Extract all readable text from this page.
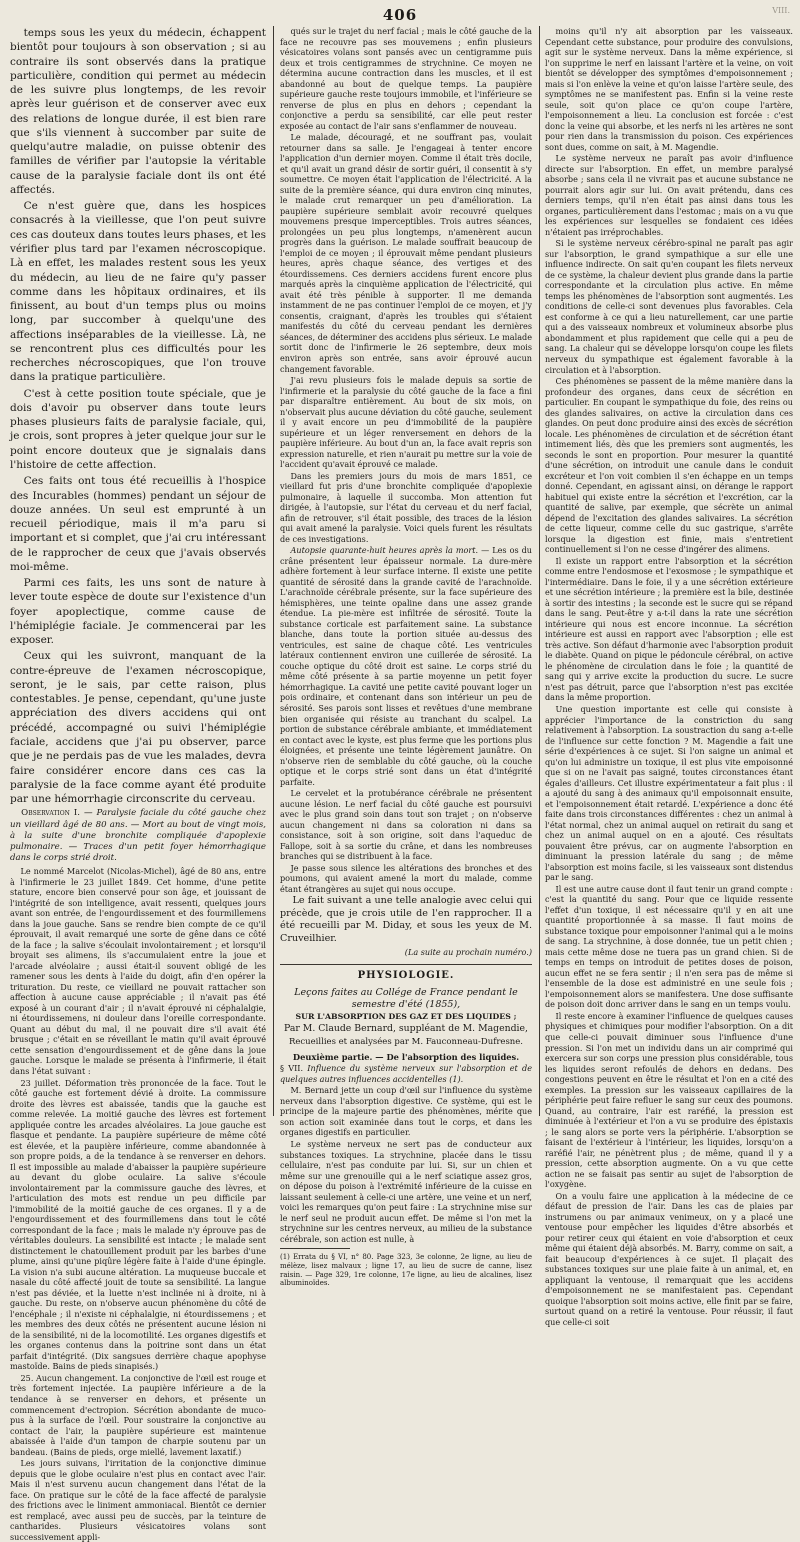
406	VIII.

temps sous les yeux du médecin, échappent bientôt pour toujours à son observation ; si au contraire ils sont observés dans la pratique particulière, condition qui permet au médecin de les suivre plus longtemps, de les revoir après leur guérison et de conserver avec eux des relations de longue durée, il est bien rare que s'ils viennent à succomber par suite de quelqu'autre maladie, on puisse obtenir des familles de vérifier par l'autopsie la véritable cause de la paralysie faciale dont ils ont été affectés.

Ce n'est guère que, dans les hospices consacrés à la vieillesse, que l'on peut suivre ces cas douteux dans toutes leurs phases, et les vérifier plus tard par l'examen nécroscopique. Là en effet, les malades restent sous les yeux du médecin, au lieu de ne faire qu'y passer comme dans les hôpitaux ordinaires, et ils finissent, au bout d'un temps plus ou moins long, par succomber à quelqu'une des affections inséparables de la vieillesse. Là, ne se rencontrent plus ces difficultés pour les recherches nécroscopiques, que l'on trouve dans la pratique particulière.

C'est à cette position toute spéciale, que je dois d'avoir pu observer dans toute leurs phases plusieurs faits de paralysie faciale, qui, je crois, sont propres à jeter quelque jour sur le point encore douteux que je signalais dans l'histoire de cette affection.

Ces faits ont tous été recueillis à l'hospice des Incurables (hommes) pendant un séjour de douze années. Un seul est emprunté à un recueil périodique, mais il m'a paru si important et si complet, que j'ai cru intéressant de le rapprocher de ceux que j'avais observés moi-même.

Parmi ces faits, les uns sont de nature à lever toute espèce de doute sur l'existence d'un foyer apoplectique, comme cause de l'hémiplégie faciale. Je commencerai par les exposer.

Ceux qui les suivront, manquant de la contre-épreuve de l'examen nécroscopique, seront, je le sais, par cette raison, plus contestables. Je pense, cependant, qu'une juste appréciation des divers accidens qui ont précédé, accompagné ou suivi l'hémiplégie faciale, accidens que j'ai pu observer, parce que je ne perdais pas de vue les malades, devra faire considérer encore dans ces cas la paralysie de la face comme ayant été produite par une hémorrhagie circonscrite du cerveau.

Observation I. — Paralysie faciale du côté gauche chez un vieillard âgé de 80 ans. — Mort au bout de vingt mois, à la suite d'une bronchite compliquée d'apoplexie pulmonaire. — Traces d'un petit foyer hémorrhagique dans le corps strié droit.

Le nommé Marcelot (Nicolas-Michel), âgé de 80 ans, entre à l'infirmerie le 23 juillet 1849. Cet homme, d'une petite stature, encore bien conservé pour son âge, et jouissant de l'intégrité de son intelligence, avait ressenti, quelques jours avant son entrée, de l'engourdissement et des fourmillemens dans la joue gauche. Sans se rendre bien compte de ce qu'il éprouvait, il avait remarqué une sorte de gêne dans ce côté de la face ; la salive s'écoulait involontairement ; et lorsqu'il broyait ses alimens, ils s'accumulaient entre la joue et l'arcade alvéolaire ; aussi était-il souvent obligé de les ramener sous les dents à l'aide du doigt, afin d'en opérer la trituration. Du reste, ce vieillard ne pouvait rattacher son affection à aucune cause appréciable ; il n'avait pas été exposé à un courant d'air ; il n'avait éprouvé ni céphalalgie, ni étourdissemens, ni douleur dans l'oreille correspondante. Quant au début du mal, il ne pouvait dire s'il avait été brusque ; c'était en se réveillant le matin qu'il avait éprouvé cette sensation d'engourdissement et de gêne dans la joue gauche. Lorsque le malade se présenta à l'infirmerie, il était dans l'état suivant :

23 juillet. Déformation très prononcée de la face. Tout le côté gauche est fortement dévié à droite. La commissure droite des lèvres est abaissée, tandis que la gauche est comme relevée. La moitié gauche des lèvres est fortement appliquée contre les arcades alvéolaires. La joue gauche est flasque et pendante. La paupière supérieure de même côté est élevée, et la paupière inférieure, comme abandonnée à son propre poids, a de la tendance à se renverser en dehors. Il est impossible au malade d'abaisser la paupière supérieure au devant du globe oculaire. La salive s'écoule involontairement par la commissure gauche des lèvres, et l'articulation des mots est rendue un peu difficile par l'immobilité de la moitié gauche de ces organes. Il y a de l'engourdissement et des fourmillemens dans tout le côté correspondant de la face ; mais le malade n'y éprouve pas de véritables douleurs. La sensibilité est intacte ; le malade sent distinctement le chatouillement produit par les barbes d'une plume, ainsi qu'une piqûre légère faite à l'aide d'une épingle. La vision n'a subi aucune altération. La muqueuse buccale et nasale du côté affecté jouit de toute sa sensibilité. La langue n'est pas déviée, et la luette n'est inclinée ni à droite, ni à gauche. Du reste, on n'observe aucun phénomène du côté de l'encéphale ; il n'existe ni céphalalgie, ni étourdissemens ; et les membres des deux côtés ne présentent aucune lésion ni de la sensibilité, ni de la locomotilité. Les organes digestifs et les organes contenus dans la poitrine sont dans un état parfait d'intégrité. (Dix sangsues derrière chaque apophyse mastoïde. Bains de pieds sinapisés.)

25. Aucun changement. La conjonctive de l'œil est rouge et très fortement injectée. La paupière inférieure a de la tendance à se renverser en dehors, et présente un commencement d'ectropion. Sécrétion abondante de muco-pus à la surface de l'œil. Pour soustraire la conjonctive au contact de l'air, la paupière supérieure est maintenue abaissée à l'aide d'un tampon de charpie soutenu par un bandeau. (Bains de pieds, orge miellé, lavement laxatif.)

Les jours suivans, l'irritation de la conjonctive diminue depuis que le globe oculaire n'est plus en contact avec l'air. Mais il n'est survenu aucun changement dans l'état de la face. On pratique sur le côté de la face affecté de paralysie des frictions avec le liniment ammoniacal. Bientôt ce dernier est remplacé, avec aussi peu de succès, par la teinture de cantharides. Plusieurs vésicatoires volans sont successivement appli-

qués sur le trajet du nerf facial ; mais le côté gauche de la face ne recouvre pas ses mouvemens ; enfin plusieurs vésicatoires volans sont pansés avec un centigramme puis deux et trois centigrammes de strychnine. Ce moyen ne détermina aucune contraction dans les muscles, et il est abandonné au bout de quelque temps. La paupière supérieure gauche reste toujours immobile, et l'inférieure se renverse de plus en plus en dehors ; cependant la conjonctive a perdu sa sensibilité, car elle peut rester exposée au contact de l'air sans s'enflammer de nouveau.

Le malade, découragé, et ne souffrant pas, voulait retourner dans sa salle. Je l'engageai à tenter encore l'application d'un dernier moyen. Comme il était très docile, et qu'il avait un grand désir de sortir guéri, il consentit à s'y soumettre. Ce moyen était l'application de l'électricité. A la suite de la première séance, qui dura environ cinq minutes, le malade crut remarquer un peu d'amélioration. La paupière supérieure semblait avoir recouvré quelques mouvemens presque imperceptibles. Trois autres séances, prolongées un peu plus longtemps, n'amenèrent aucun progrès dans la guérison. Le malade souffrait beaucoup de l'emploi de ce moyen ; il éprouvait même pendant plusieurs heures, après chaque séance, des vertiges et des étourdissemens. Ces derniers accidens furent encore plus marqués après la cinquième application de l'électricité, qui avait été très pénible à supporter. Il me demanda instamment de ne pas continuer l'emploi de ce moyen, et j'y consentis, craignant, d'après les troubles qui s'étaient manifestés du côté du cerveau pendant les dernières séances, de déterminer des accidens plus sérieux. Le malade sortit donc de l'infirmerie le 26 septembre, deux mois environ après son entrée, sans avoir éprouvé aucun changement favorable.

J'ai revu plusieurs fois le malade depuis sa sortie de l'infirmerie et la paralysie du côté gauche de la face a fini par disparaître entièrement. Au bout de six mois, on n'observait plus aucune déviation du côté gauche, seulement il y avait encore un peu d'immobilité de la paupière supérieure et un léger renversement en dehors de la paupière inférieure. Au bout d'un an, la face avait repris son expression naturelle, et rien n'aurait pu mettre sur la voie de l'accident qu'avait éprouvé ce malade.

Dans les premiers jours du mois de mars 1851, ce vieillard fut pris d'une bronchite compliquée d'apoplexie pulmonaire, à laquelle il succomba. Mon attention fut dirigée, à l'autopsie, sur l'état du cerveau et du nerf facial, afin de retrouver, s'il était possible, des traces de la lésion qui avait amené la paralysie. Voici quels furent les résultats de ces investigations.

Autopsie quarante-huit heures après la mort. — Les os du crâne présentent leur épaisseur normale. La dure-mère adhère fortement à leur surface interne. Il existe une petite quantité de sérosité dans la grande cavité de l'arachnoïde. L'arachnoïde cérébrale présente, sur la face supérieure des hémisphères, une teinte opaline dans une assez grande étendue. La pie-mère est infiltrée de sérosité. Toute la substance corticale est parfaitement saine. La substance blanche, dans toute la portion située au-dessus des ventricules, est saine de chaque côté. Les ventricules latéraux contiennent environ une cuillerée de sérosité. La couche optique du côté droit est saine. Le corps strié du même côté présente à sa partie moyenne un petit foyer hémorrhagique. La cavité une petite cavité pouvant loger un pois ordinaire, et contenant dans son intérieur un peu de sérosité. Ses parois sont lisses et revêtues d'une membrane bien organisée qui résiste au tranchant du scalpel. La portion de substance cérébrale ambiante, et immédiatement en contact avec le kyste, est plus ferme que les portions plus éloignées, et présente une teinte légèrement jaunâtre. On n'observe rien de semblable du côté gauche, où la couche optique et le corps strié sont dans un état d'intégrité parfaite.

Le cervelet et la protubérance cérébrale ne présentent aucune lésion. Le nerf facial du côté gauche est poursuivi avec le plus grand soin dans tout son trajet ; on n'observe aucun changement ni dans sa coloration ni dans sa consistance, soit à son origine, soit dans l'aqueduc de Fallope, soit à sa sortie du crâne, et dans les nombreuses branches qui se distribuent à la face.

Je passe sous silence les altérations des bronches et des poumons, qui avaient amené la mort du malade, comme étant étrangères au sujet qui nous occupe.

Le fait suivant a une telle analogie avec celui qui précède, que je crois utile de l'en rapprocher. Il a été recueilli par M. Diday, et sous les yeux de M. Cruveilhier.

(La suite au prochain numéro.)
PHYSIOLOGIE.

Leçons faites au Collége de France pendant le semestre d'été (1855),

SUR L'ABSORPTION DES GAZ ET DES LIQUIDES ;

Par M. Claude Bernard, suppléant de M. Magendie,

Recueillies et analysées par M. Fauconneau-Dufresne.

Deuxième partie. — De l'absorption des liquides.

§ VII. Influence du système nerveux sur l'absorption et de quelques autres influences accidentelles (1).

M. Bernard jette un coup d'œil sur l'influence du système nerveux dans l'absorption digestive. Ce système, qui est le principe de la majeure partie des phénomènes, mérite que son action soit examinée dans tout le corps, et dans les organes digestifs en particulier.

Le système nerveux ne sert pas de conducteur aux substances toxiques. La strychnine, placée dans le tissu cellulaire, n'est pas conduite par lui. Si, sur un chien et même sur une grenouille qui a le nerf sciatique assez gros, on dépose du poison à l'extrémité inférieure de la cuisse en laissant seulement à celle-ci une artère, une veine et un nerf, voici les remarques qu'on peut faire : La strychnine mise sur le nerf seul ne produit aucun effet. De même si l'on met la strychnine sur les centres nerveux, au milieu de la substance cérébrale, son action est nulle, à

(1) Errata du § VI, n° 80. Page 323, 3e colonne, 2e ligne, au lieu de mélèze, lisez malvaux ; ligne 17, au lieu de sucre de canne, lisez raisin. — Page 329, 1re colonne, 17e ligne, au lieu de alcalines, lisez albuminoïdes.

moins qu'il n'y ait absorption par les vaisseaux. Cependant cette substance, pour produire des convulsions, agit sur le système nerveux. Dans la même expérience, si l'on supprime le nerf en laissant l'artère et la veine, on voit bientôt se développer des symptômes d'empoisonnement ; mais si l'on enlève la veine et qu'on laisse l'artère seule, des symptômes ne se manifestent pas. Enfin si la veine reste seule, soit qu'on place ce qu'on coupe l'artère, l'empoisonnement a lieu. La conclusion est forcée : c'est donc la veine qui absorbe, et les nerfs ni les artères ne sont pour rien dans la transmission du poison. Ces expériences sont dues, comme on sait, à M. Magendie.

Le système nerveux ne paraît pas avoir d'influence directe sur l'absorption. En effet, un membre paralysé absorbe ; sans cela il ne vivrait pas et aucune substance ne pourrait alors agir sur lui. On avait prétendu, dans ces derniers temps, qu'il n'en était pas ainsi dans tous les organes, particulièrement dans l'estomac ; mais on a vu que les expériences sur lesquelles se fondaient ces idées n'étaient pas irréprochables.

Si le système nerveux cérébro-spinal ne paraît pas agir sur l'absorption, le grand sympathique a sur elle une influence indirecte. On sait qu'en coupant les filets nerveux de ce système, la chaleur devient plus grande dans la partie correspondante et la circulation plus active. En même temps les phénomènes de l'absorption sont augmentés. Les conditions de celle-ci sont devenues plus favorables. Cela est conforme à ce qui a lieu naturellement, car une partie qui a des vaisseaux nombreux et volumineux absorbe plus abondamment et plus rapidement que celle qui a peu de sang. La chaleur qui se développe lorsqu'on coupe les filets nerveux du sympathique est également favorable à la circulation et à l'absorption.

Ces phénomènes se passent de la même manière dans la profondeur des organes, dans ceux de sécrétion en particulier. En coupant le sympathique du foie, des reins ou des glandes salivaires, on active la circulation dans ces glandes. On peut donc produire ainsi des excès de sécrétion locale. Les phénomènes de circulation et de sécrétion étant intimement liés, dès que les premiers sont augmentés, les seconds le sont en proportion. Pour mesurer la quantité d'une sécrétion, on introduit une canule dans le conduit excréteur et l'on voit combien il s'en échappe en un temps donné. Cependant, en agissant ainsi, on dérange le rapport habituel qui existe entre la sécrétion et l'excrétion, car la quantité de salive, par exemple, que sécrète un animal dépend de l'excitation des glandes salivaires. La sécrétion de cette liqueur, comme celle du suc gastrique, s'arrête lorsque la digestion est finie, mais s'entretient continuellement si l'on ne cesse d'ingérer des alimens.

Il existe un rapport entre l'absorption et la sécrétion comme entre l'endosmose et l'exosmose ; le sympathique et l'intermédiaire. Dans le foie, il y a une sécrétion extérieure et une sécrétion intérieure ; la première est la bile, destinée à sortir des intestins ; la seconde est le sucre qui se répand dans le sang. Peut-être y a-t-il dans la rate une sécrétion intérieure qui nous est encore inconnue. La sécrétion intérieure est aussi en rapport avec l'absorption ; elle est très active. Son défaut d'harmonie avec l'absorption produit le diabète. Quand on pique le pédoncule cérébral, on active le phénomène de circulation dans le foie ; la quantité de sang qui y arrive excite la production du sucre. Le sucre n'est pas détruit, parce que l'absorption n'est pas excitée dans la même proportion.

Une question importante est celle qui consiste à apprécier l'importance de la constriction du sang relativement à l'absorption. La soustraction du sang a-t-elle de l'influence sur cette fonction ? M. Magendie a fait une série d'expériences à ce sujet. Si l'on saigne un animal et qu'on lui administre un toxique, il est plus vite empoisonné que si on ne l'avait pas saigné, toutes circonstances étant égales d'ailleurs. Cet illustre expérimentateur a fait plus : il a ajouté du sang à des animaux qu'il empoisonnait ensuite, et l'empoisonnement était retardé. L'expérience a donc été faite dans trois circonstances différentes : chez un animal à l'état normal, chez un animal auquel on retirait du sang et chez un animal auquel on en a ajouté. Ces résultats pouvaient être prévus, car on augmente l'absorption en diminuant la pression latérale du sang ; de même l'absorption est moins facile, si les vaisseaux sont distendus par le sang.

Il est une autre cause dont il faut tenir un grand compte : c'est la quantité du sang. Pour que ce liquide ressente l'effet d'un toxique, il est nécessaire qu'il y en ait une quantité proportionnée à sa masse. Il faut moins de substance toxique pour empoisonner l'animal qui a le moins de sang. La strychnine, à dose donnée, tue un petit chien ; mais cette même dose ne tuera pas un grand chien. Si de temps en temps on introduit de petites doses de poison, aucun effet ne se fera sentir ; il n'en sera pas de même si l'ensemble de la dose est administré en une seule fois ; l'empoisonnement alors se manifestera. Une dose suffisante de poison doit donc arriver dans le sang en un temps voulu.

Il reste encore à examiner l'influence de quelques causes physiques et chimiques pour modifier l'absorption. On a dit que celle-ci pouvait diminuer sous l'influence d'une pression. Si l'on met un individu dans un air comprimé qui exercera sur son corps une pression plus considérable, tous les liquides seront refoulés de dehors en dedans. Des congestions peuvent en être le résultat et l'on en a cité des exemples. La pression sur les vaisseaux capillaires de la périphérie peut faire refluer le sang sur ceux des poumons. Quand, au contraire, l'air est raréfié, la pression est diminuée à l'extérieur et l'on a vu se produire des épistaxis ; le sang alors se porte vers la périphérie. L'absorption se faisant de l'extérieur à l'intérieur, les liquides, lorsqu'on a raréfié l'air, ne pénètrent plus ; de même, quand il y a pression, cette absorption augmente. On a vu que cette action ne se faisait pas sentir au sujet de l'absorption de l'oxygène.

On a voulu faire une application à la médecine de ce défaut de pression de l'air. Dans les cas de plaies par instrumens ou par animaux venimeux, on y a placé une ventouse pour empêcher les liquides d'être absorbés et pour retirer ceux qui étaient en voie d'absorption et ceux même qui étaient déjà absorbés. M. Barry, comme on sait, a fait beaucoup d'expériences à ce sujet. Il plaçait des substances toxiques sur une plaie faite à un animal, et, en appliquant la ventouse, il remarquait que les accidens d'empoisonnement ne se manifestaient pas. Cependant quoique l'absorption soit moins active, elle finit par se faire, surtout quand on a retiré la ventouse. Pour réussir, il faut que celle-ci soit
